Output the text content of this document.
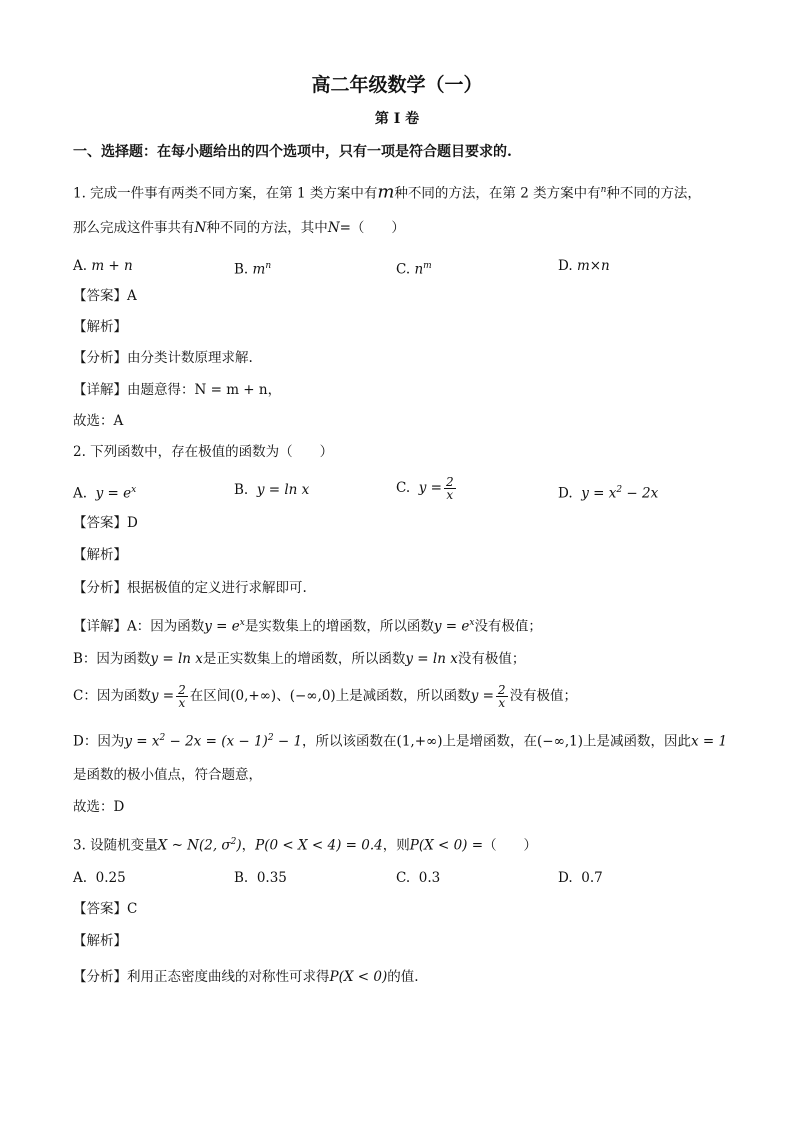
高二年级数学（一）
第 I 卷
一、选择题：在每小题给出的四个选项中，只有一项是符合题目要求的.
1. 完成一件事有两类不同方案，在第 1 类方案中有m种不同的方法，在第 2 类方案中有$^n$种不同的方法，
那么完成这件事共有N种不同的方法，其中N=（　　）
A. m + n	B. $m^n$	C. $n^m$	D. m×n
【答案】A
【解析】
【分析】由分类计数原理求解.
【详解】由题意得：N = m + n，
故选：A
2. 下列函数中，存在极值的函数为（　　）
A. $y = e^x$	B. y = ln x	C. $y = \frac{2}{x}$	D. $y = x^2 - 2x$
【答案】D
【解析】
【分析】根据极值的定义进行求解即可.
【详解】A：因为函数$y = e^x$是实数集上的增函数，所以函数$y = e^x$没有极值；
B：因为函数y = ln x是正实数集上的增函数，所以函数y = ln x没有极值；
C：因为函数$y = \frac{2}{x}$ 在区间(0,+∞)、(−∞,0)上是减函数，所以函数$y = \frac{2}{x}$ 没有极值；
D：因为$y = x^2 - 2x = (x - 1)^2 - 1$，所以该函数在(1,+∞)上是增函数，在(−∞,1)上是减函数，因此x = 1
是函数的极小值点，符合题意，
故选：D
3. 设随机变量X ~ N(2, $\sigma^2$)，P(0 < X < 4) = 0.4，则P(X < 0) =（　　）
A. 0.25	B. 0.35	C. 0.3	D. 0.7
【答案】C
【解析】
【分析】利用正态密度曲线的对称性可求得P(X < 0)的值.
